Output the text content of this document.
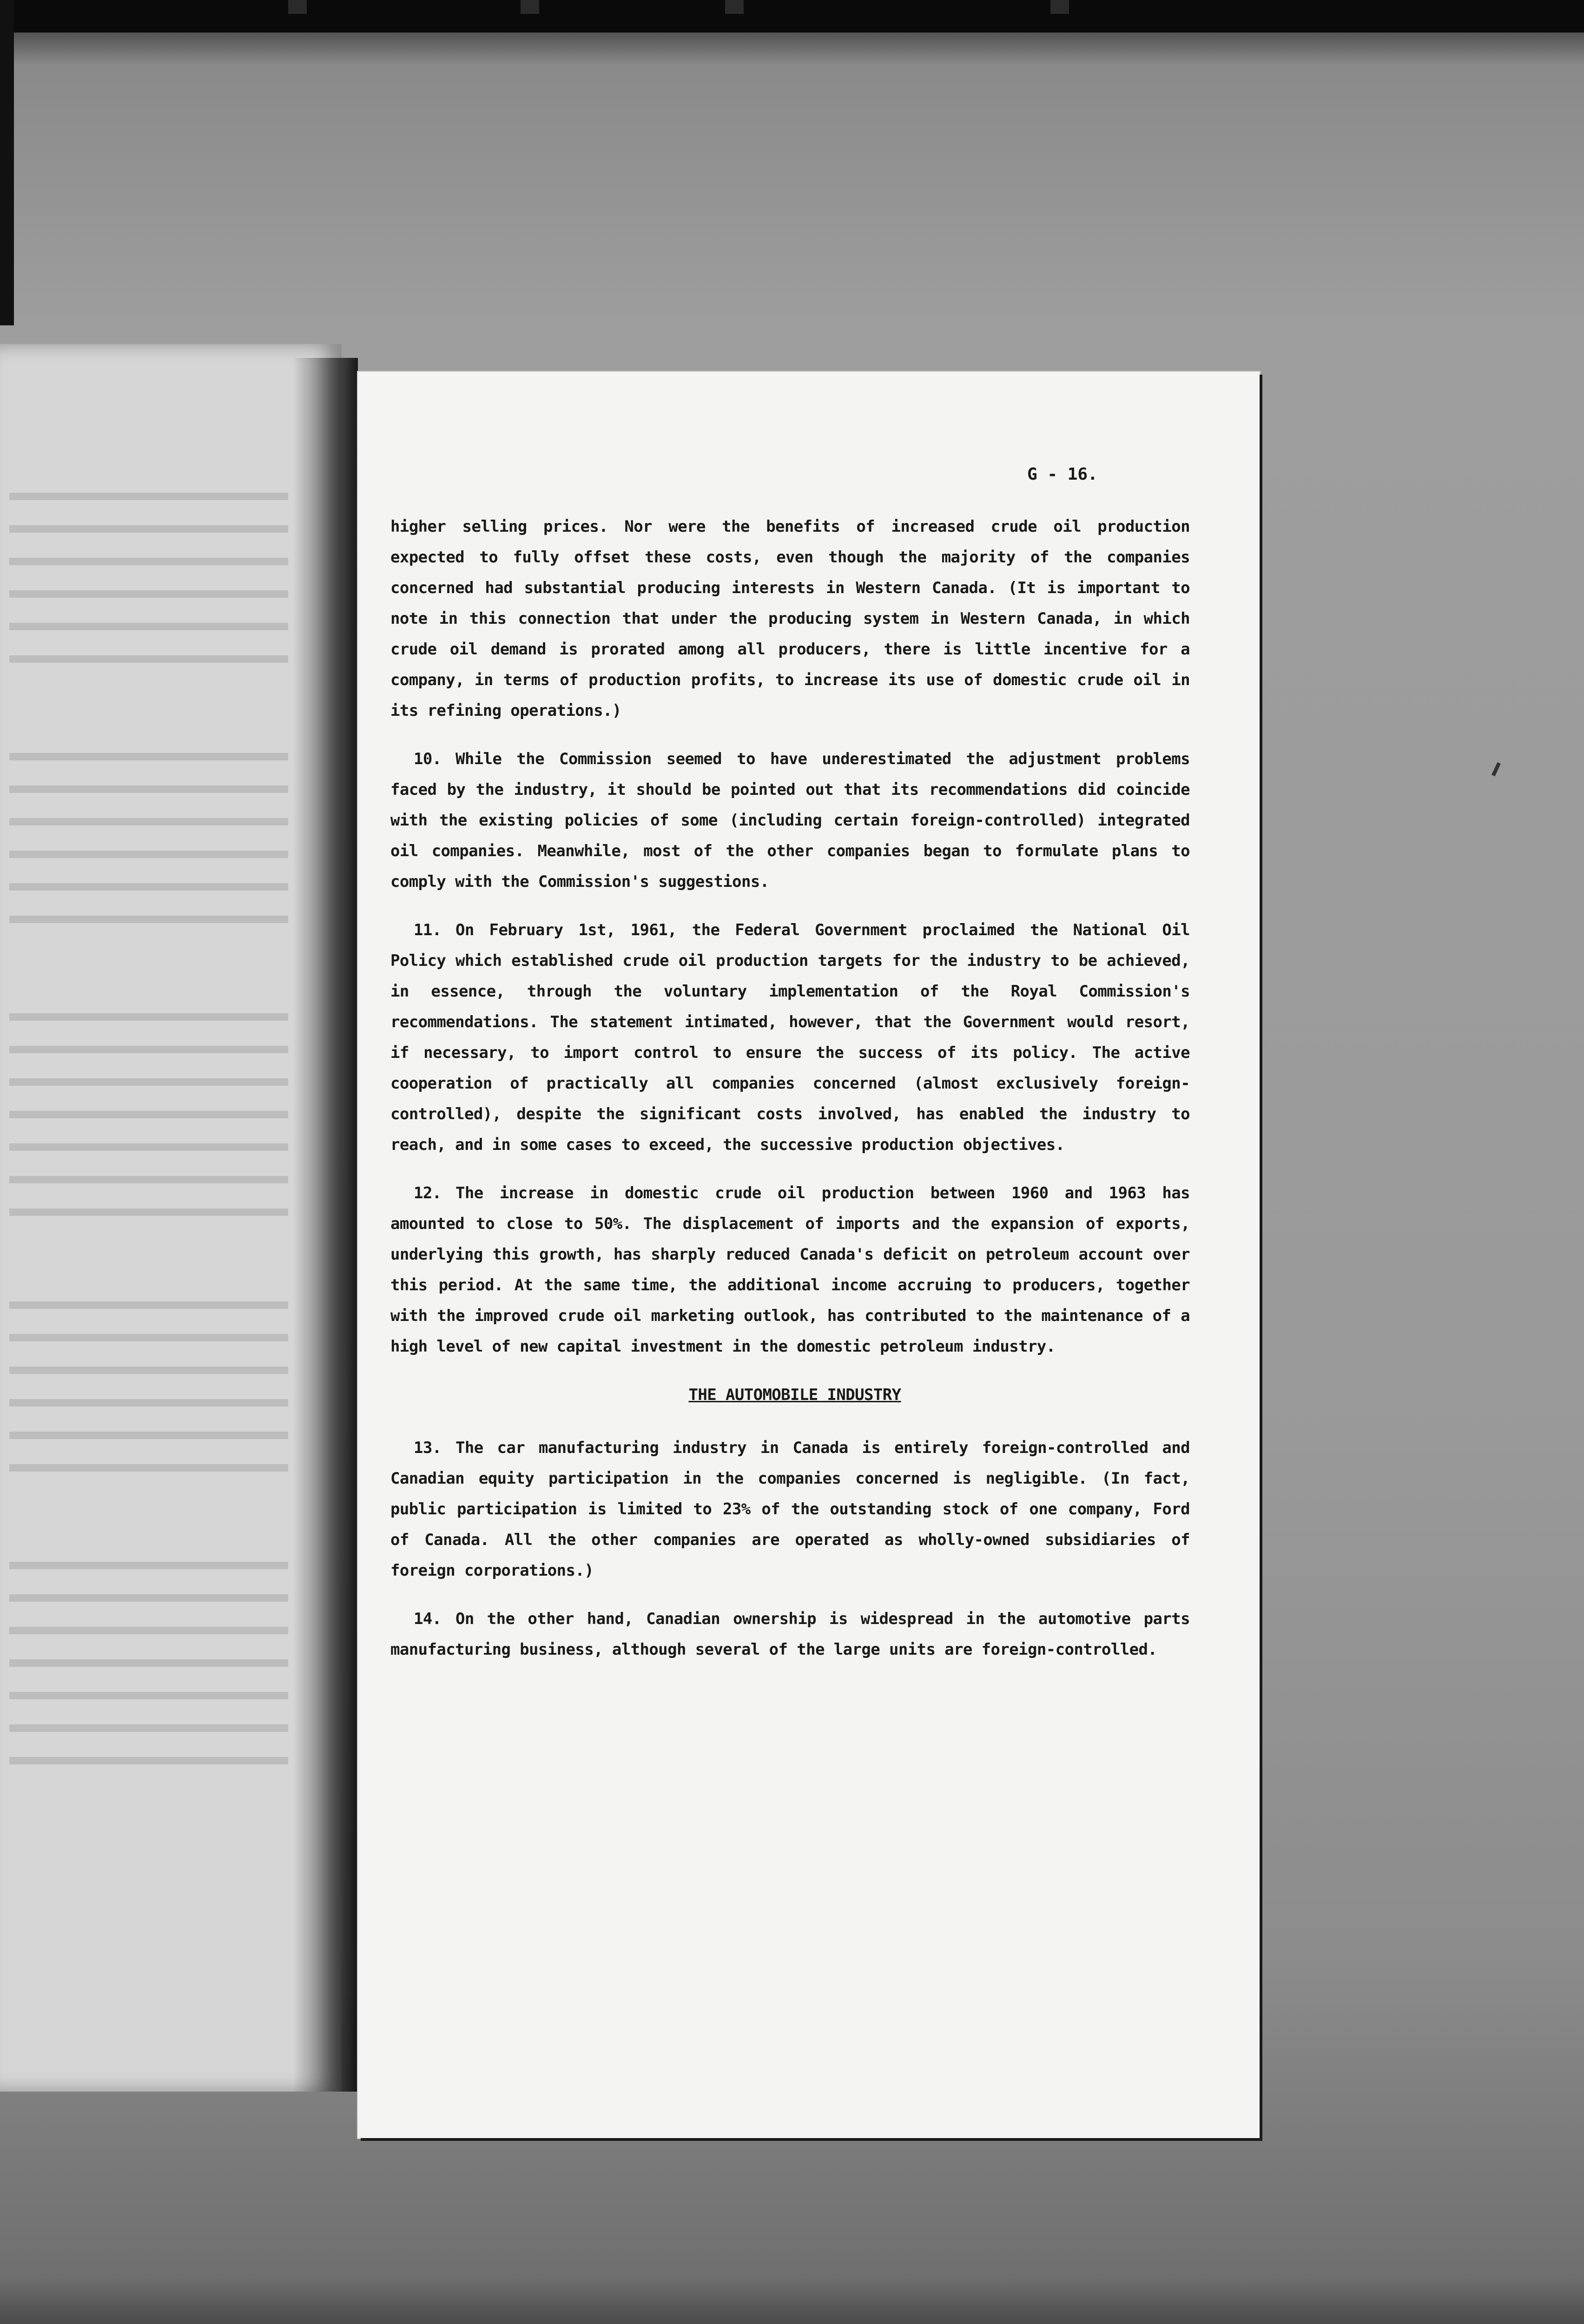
G - 16.

higher selling prices. Nor were the benefits of increased crude oil production expected to fully offset these costs, even though the majority of the companies concerned had substantial producing interests in Western Canada. (It is important to note in this connection that under the producing system in Western Canada, in which crude oil demand is prorated among all producers, there is little incentive for a company, in terms of production profits, to increase its use of domestic crude oil in its refining operations.)

10. While the Commission seemed to have underestimated the adjustment problems faced by the industry, it should be pointed out that its recommendations did coincide with the existing policies of some (including certain foreign-controlled) integrated oil companies. Meanwhile, most of the other companies began to formulate plans to comply with the Commission's suggestions.

11. On February 1st, 1961, the Federal Government proclaimed the National Oil Policy which established crude oil production targets for the industry to be achieved, in essence, through the voluntary implementation of the Royal Commission's recommendations. The statement intimated, however, that the Government would resort, if necessary, to import control to ensure the success of its policy. The active cooperation of practically all companies concerned (almost exclusively foreign-controlled), despite the significant costs involved, has enabled the industry to reach, and in some cases to exceed, the successive production objectives.

12. The increase in domestic crude oil production between 1960 and 1963 has amounted to close to 50%. The displacement of imports and the expansion of exports, underlying this growth, has sharply reduced Canada's deficit on petroleum account over this period. At the same time, the additional income accruing to producers, together with the improved crude oil marketing outlook, has contributed to the maintenance of a high level of new capital investment in the domestic petroleum industry.

THE AUTOMOBILE INDUSTRY

13. The car manufacturing industry in Canada is entirely foreign-controlled and Canadian equity participation in the companies concerned is negligible. (In fact, public participation is limited to 23% of the outstanding stock of one company, Ford of Canada. All the other companies are operated as wholly-owned subsidiaries of foreign corporations.)

14. On the other hand, Canadian ownership is widespread in the automotive parts manufacturing business, although several of the large units are foreign-controlled.
